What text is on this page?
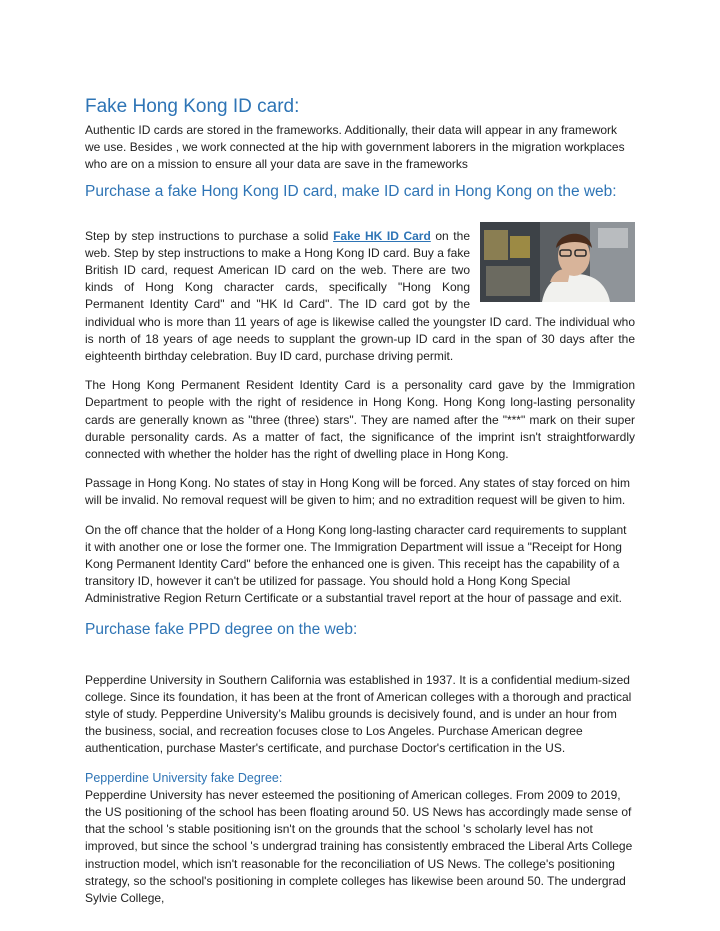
Fake Hong Kong ID card:

Authentic ID cards are stored in the frameworks. Additionally, their data will appear in any framework we use. Besides , we work connected at the hip with government laborers in the migration workplaces who are on a mission to ensure all your data are save in the frameworks

Purchase a fake Hong Kong ID card, make ID card in Hong Kong on the web:

Step by step instructions to purchase a solid Fake HK ID Card on the web. Step by step instructions to make a Hong Kong ID card. Buy a fake British ID card, request American ID card on the web. There are two kinds of Hong Kong character cards, specifically "Hong Kong Permanent Identity Card" and "HK Id Card". The ID card got by the individual who is more than 11 years of age is likewise called the youngster ID card. The individual who is north of 18 years of age needs to supplant the grown-up ID card in the span of 30 days after the eighteenth birthday celebration. Buy ID card, purchase driving permit.

The Hong Kong Permanent Resident Identity Card is a personality card gave by the Immigration Department to people with the right of residence in Hong Kong. Hong Kong long-lasting personality cards are generally known as "three (three) stars". They are named after the "***" mark on their super durable personality cards. As a matter of fact, the significance of the imprint isn't straightforwardly connected with whether the holder has the right of dwelling place in Hong Kong.

Passage in Hong Kong. No states of stay in Hong Kong will be forced. Any states of stay forced on him will be invalid. No removal request will be given to him; and no extradition request will be given to him.

On the off chance that the holder of a Hong Kong long-lasting character card requirements to supplant it with another one or lose the former one. The Immigration Department will issue a "Receipt for Hong Kong Permanent Identity Card" before the enhanced one is given. This receipt has the capability of a transitory ID, however it can't be utilized for passage. You should hold a Hong Kong Special Administrative Region Return Certificate or a substantial travel report at the hour of passage and exit.

Purchase fake PPD degree on the web:

Pepperdine University in Southern California was established in 1937. It is a confidential medium-sized college. Since its foundation, it has been at the front of American colleges with a thorough and practical style of study. Pepperdine University’s Malibu grounds is decisively found, and is under an hour from the business, social, and recreation focuses close to Los Angeles. Purchase American degree authentication, purchase Master's certificate, and purchase Doctor's certification in the US.

Pepperdine University fake Degree:

Pepperdine University has never esteemed the positioning of American colleges. From 2009 to 2019, the US positioning of the school has been floating around 50. US News has accordingly made sense of that the school 's stable positioning isn't on the grounds that the school 's scholarly level has not improved, but since the school 's undergrad training has consistently embraced the Liberal Arts College instruction model, which isn't reasonable for the reconciliation of US News. The college's positioning strategy, so the school's positioning in complete colleges has likewise been around 50. The undergrad Sylvie College,
